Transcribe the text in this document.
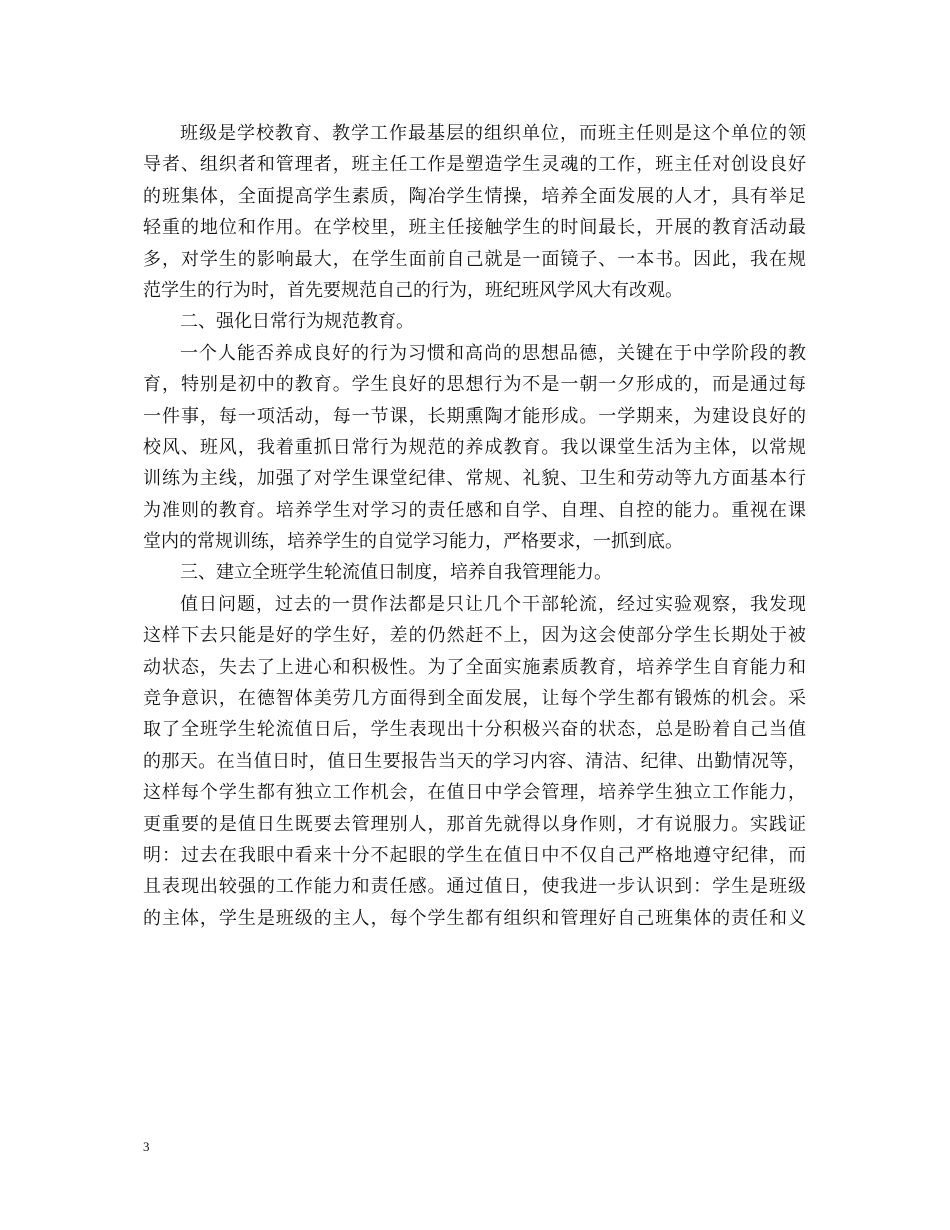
班级是学校教育、教学工作最基层的组织单位，而班主任则是这个单位的领
导者、组织者和管理者，班主任工作是塑造学生灵魂的工作，班主任对创设良好
的班集体，全面提高学生素质，陶冶学生情操，培养全面发展的人才，具有举足
轻重的地位和作用。在学校里，班主任接触学生的时间最长，开展的教育活动最
多，对学生的影响最大，在学生面前自己就是一面镜子、一本书。因此，我在规
范学生的行为时，首先要规范自己的行为，班纪班风学风大有改观。
二、强化日常行为规范教育。
一个人能否养成良好的行为习惯和高尚的思想品德，关键在于中学阶段的教
育，特别是初中的教育。学生良好的思想行为不是一朝一夕形成的，而是通过每
一件事，每一项活动，每一节课，长期熏陶才能形成。一学期来，为建设良好的
校风、班风，我着重抓日常行为规范的养成教育。我以课堂生活为主体，以常规
训练为主线，加强了对学生课堂纪律、常规、礼貌、卫生和劳动等九方面基本行
为准则的教育。培养学生对学习的责任感和自学、自理、自控的能力。重视在课
堂内的常规训练，培养学生的自觉学习能力，严格要求，一抓到底。
三、建立全班学生轮流值日制度，培养自我管理能力。
值日问题，过去的一贯作法都是只让几个干部轮流，经过实验观察，我发现
这样下去只能是好的学生好，差的仍然赶不上，因为这会使部分学生长期处于被
动状态，失去了上进心和积极性。为了全面实施素质教育，培养学生自育能力和
竞争意识，在德智体美劳几方面得到全面发展，让每个学生都有锻炼的机会。采
取了全班学生轮流值日后，学生表现出十分积极兴奋的状态，总是盼着自己当值
的那天。在当值日时，值日生要报告当天的学习内容、清洁、纪律、出勤情况等，
这样每个学生都有独立工作机会，在值日中学会管理，培养学生独立工作能力，
更重要的是值日生既要去管理别人，那首先就得以身作则，才有说服力。实践证
明：过去在我眼中看来十分不起眼的学生在值日中不仅自己严格地遵守纪律，而
且表现出较强的工作能力和责任感。通过值日，使我进一步认识到：学生是班级
的主体，学生是班级的主人，每个学生都有组织和管理好自己班集体的责任和义
3
